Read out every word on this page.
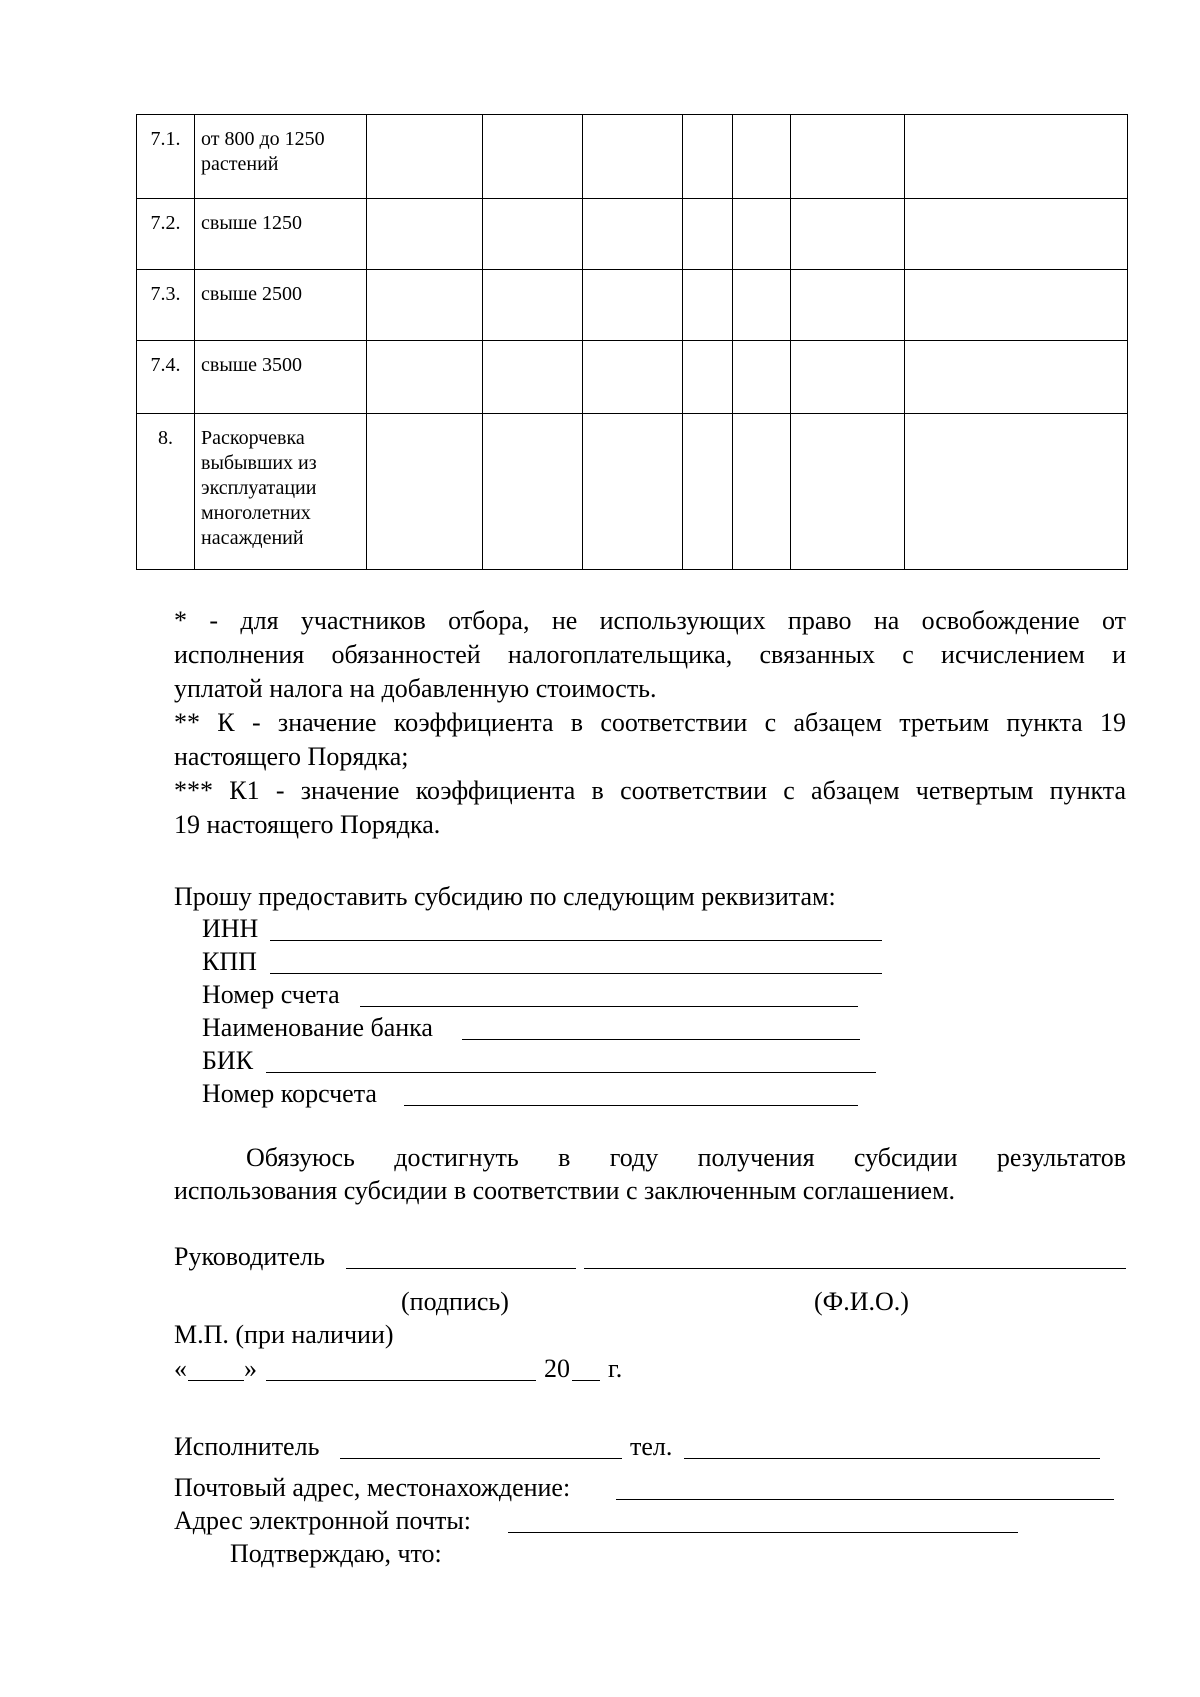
7.1.	от 800 до 1250 растений							
7.2.	свыше 1250							
7.3.	свыше 2500							
7.4.	свыше 3500							
8.	Раскорчевка выбывших из эксплуатации многолетних насаждений							
* - для участников отбора, не использующих право на освобождение от
исполнения обязанностей налогоплательщика, связанных с исчислением и
уплатой налога на добавленную стоимость.
** К - значение коэффициента в соответствии с абзацем третьим пункта 19
настоящего Порядка;
*** К1 - значение коэффициента в соответствии с абзацем четвертым пункта
19 настоящего Порядка.
Прошу предоставить субсидию по следующим реквизитам:
ИНН
КПП
Номер счета
Наименование банка
БИК
Номер корсчета
Обязуюсь достигнуть в году получения субсидии результатов
использования субсидии в соответствии с заключенным соглашением.
Руководитель
(подпись)	(Ф.И.О.)
М.П. (при наличии)
« »	20 г.
Исполнитель	тел.
Почтовый адрес, местонахождение:
Адрес электронной почты:
Подтверждаю, что:
